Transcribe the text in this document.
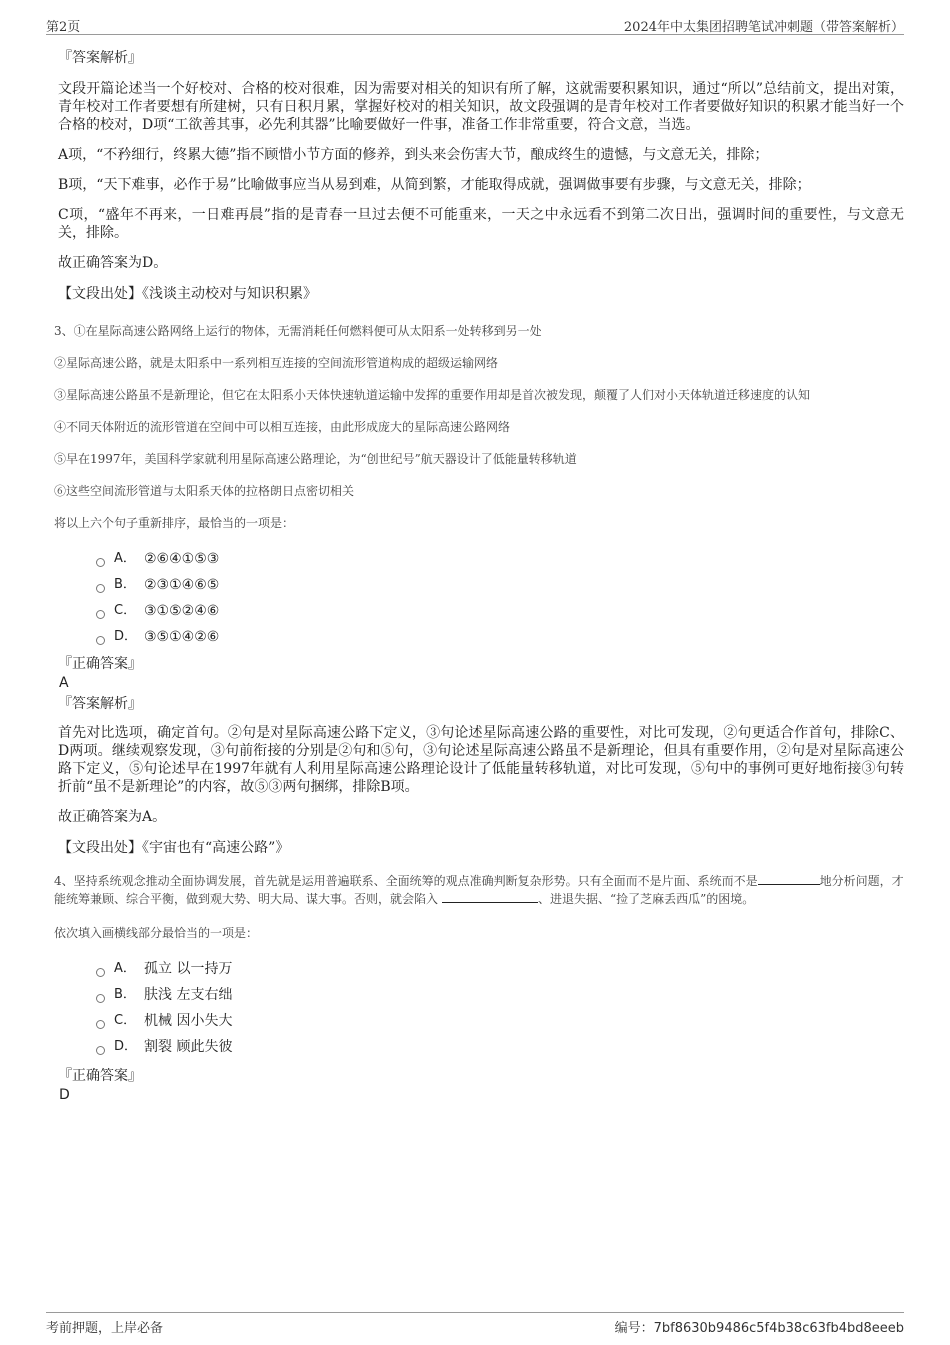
第2页	2024年中太集团招聘笔试冲刺题（带答案解析）
『答案解析』
文段开篇论述当一个好校对、合格的校对很难，因为需要对相关的知识有所了解，这就需要积累知识，通过“所以”总结前文，提出对策，青年校对工作者要想有所建树，只有日积月累，掌握好校对的相关知识，故文段强调的是青年校对工作者要做好知识的积累才能当好一个合格的校对，D项“工欲善其事，必先利其器”比喻要做好一件事，准备工作非常重要，符合文意，当选。
A项，“不矜细行，终累大德”指不顾惜小节方面的修养，到头来会伤害大节，酿成终生的遗憾，与文意无关，排除；
B项，“天下难事，必作于易”比喻做事应当从易到难，从简到繁，才能取得成就，强调做事要有步骤，与文意无关，排除；
C项，“盛年不再来，一日难再晨”指的是青春一旦过去便不可能重来，一天之中永远看不到第二次日出，强调时间的重要性，与文意无关，排除。
故正确答案为D。
【文段出处】《浅谈主动校对与知识积累》
3、①在星际高速公路网络上运行的物体，无需消耗任何燃料便可从太阳系一处转移到另一处
②星际高速公路，就是太阳系中一系列相互连接的空间流形管道构成的超级运输网络
③星际高速公路虽不是新理论，但它在太阳系小天体快速轨道运输中发挥的重要作用却是首次被发现，颠覆了人们对小天体轨道迁移速度的认知
④不同天体附近的流形管道在空间中可以相互连接，由此形成庞大的星际高速公路网络
⑤早在1997年，美国科学家就利用星际高速公路理论，为“创世纪号”航天器设计了低能量转移轨道
⑥这些空间流形管道与太阳系天体的拉格朗日点密切相关
将以上六个句子重新排序，最恰当的一项是：
A． ②⑥④①⑤③
B． ②③①④⑥⑤
C． ③①⑤②④⑥
D． ③⑤①④②⑥
『正确答案』
A
『答案解析』
首先对比选项，确定首句。②句是对星际高速公路下定义，③句论述星际高速公路的重要性，对比可发现，②句更适合作首句，排除C、D两项。继续观察发现，③句前衔接的分别是②句和⑤句，③句论述星际高速公路虽不是新理论，但具有重要作用，②句是对星际高速公路下定义，⑤句论述早在1997年就有人利用星际高速公路理论设计了低能量转移轨道，对比可发现，⑤句中的事例可更好地衔接③句转折前“虽不是新理论”的内容，故⑤③两句捆绑，排除B项。
故正确答案为A。
【文段出处】《宇宙也有“高速公路”》
4、坚持系统观念推动全面协调发展，首先就是运用普遍联系、全面统筹的观点准确判断复杂形势。只有全面而不是片面、系统而不是	地分析问题，才能统筹兼顾、综合平衡，做到观大势、明大局、谋大事。否则，就会陷入	、进退失据、“捡了芝麻丢西瓜”的困境。
依次填入画横线部分最恰当的一项是：
A． 孤立 以一持万
B． 肤浅 左支右绌
C． 机械 因小失大
D． 割裂 顾此失彼
『正确答案』
D
考前押题，上岸必备	编号：7bf8630b9486c5f4b38c63fb4bd8eeeb
